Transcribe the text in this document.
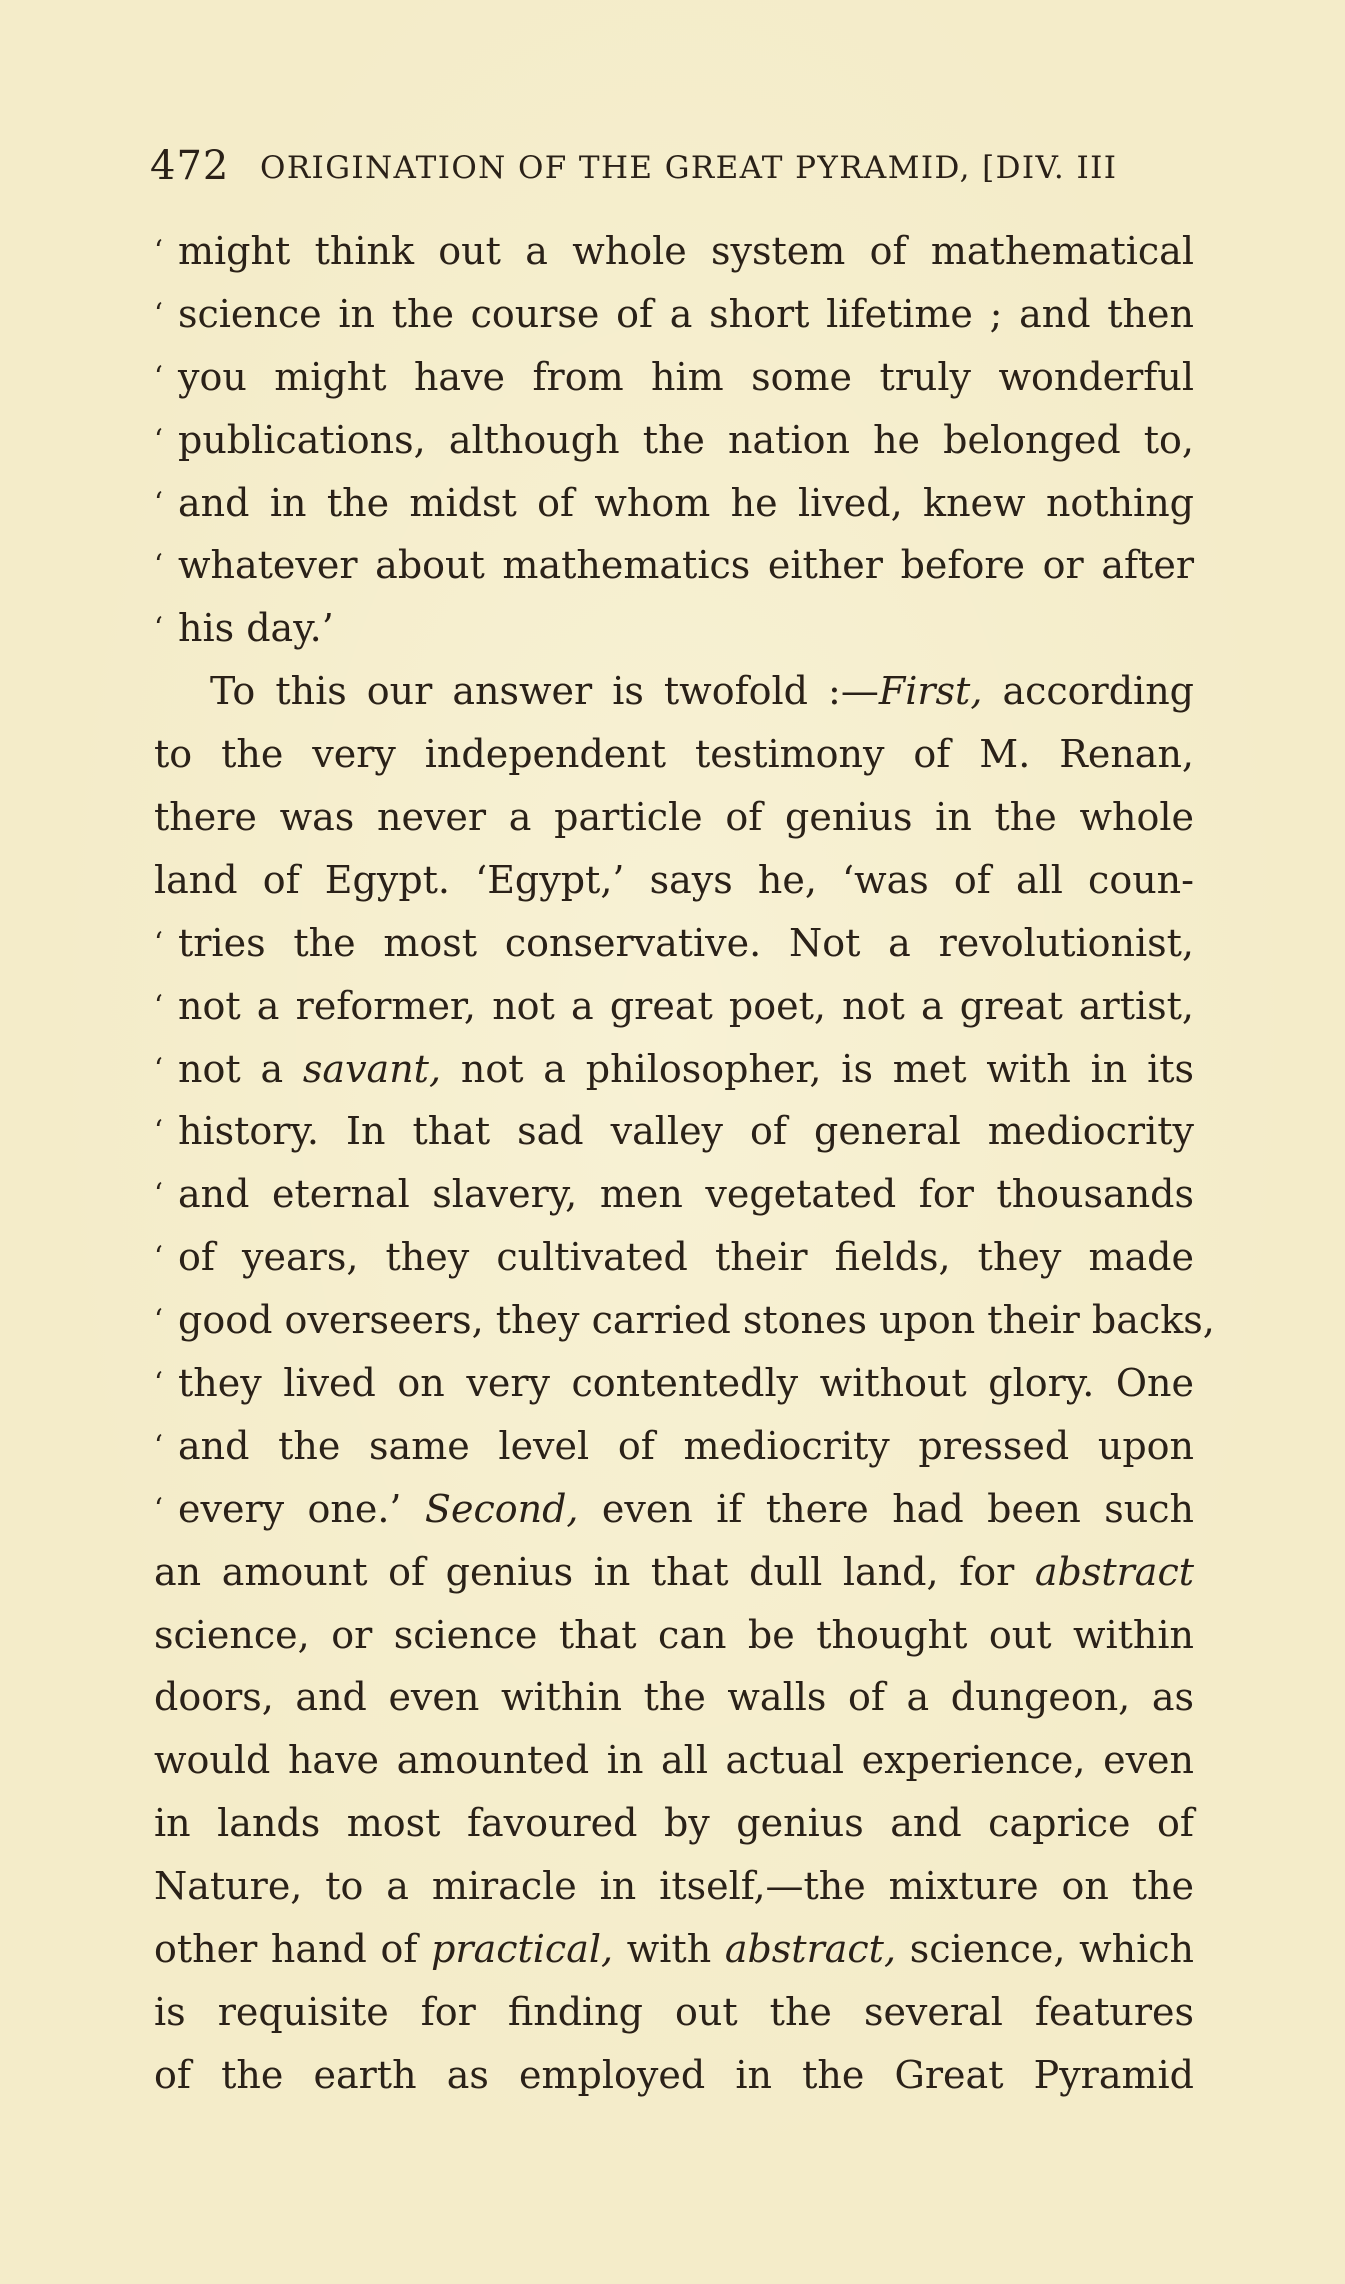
472 ORIGINATION OF THE GREAT PYRAMID, [DIV. III
‘ might think out a whole system of mathematical
‘ science in the course of a short lifetime ; and then
‘ you might have from him some truly wonderful
‘ publications, although the nation he belonged to,
‘ and in the midst of whom he lived, knew nothing
‘ whatever about mathematics either before or after
‘ his day.’
To this our answer is twofold :—First, according
to the very independent testimony of M. Renan,
there was never a particle of genius in the whole
land of Egypt. ‘Egypt,’ says he, ‘was of all coun-
‘ tries the most conservative. Not a revolutionist,
‘ not a reformer, not a great poet, not a great artist,
‘ not a savant, not a philosopher, is met with in its
‘ history. In that sad valley of general mediocrity
‘ and eternal slavery, men vegetated for thousands
‘ of years, they cultivated their fields, they made
‘ good overseers, they carried stones upon their backs,
‘ they lived on very contentedly without glory. One
‘ and the same level of mediocrity pressed upon
‘ every one.’ Second, even if there had been such
an amount of genius in that dull land, for abstract
science, or science that can be thought out within
doors, and even within the walls of a dungeon, as
would have amounted in all actual experience, even
in lands most favoured by genius and caprice of
Nature, to a miracle in itself,—the mixture on the
other hand of practical, with abstract, science, which
is requisite for finding out the several features
of the earth as employed in the Great Pyramid
